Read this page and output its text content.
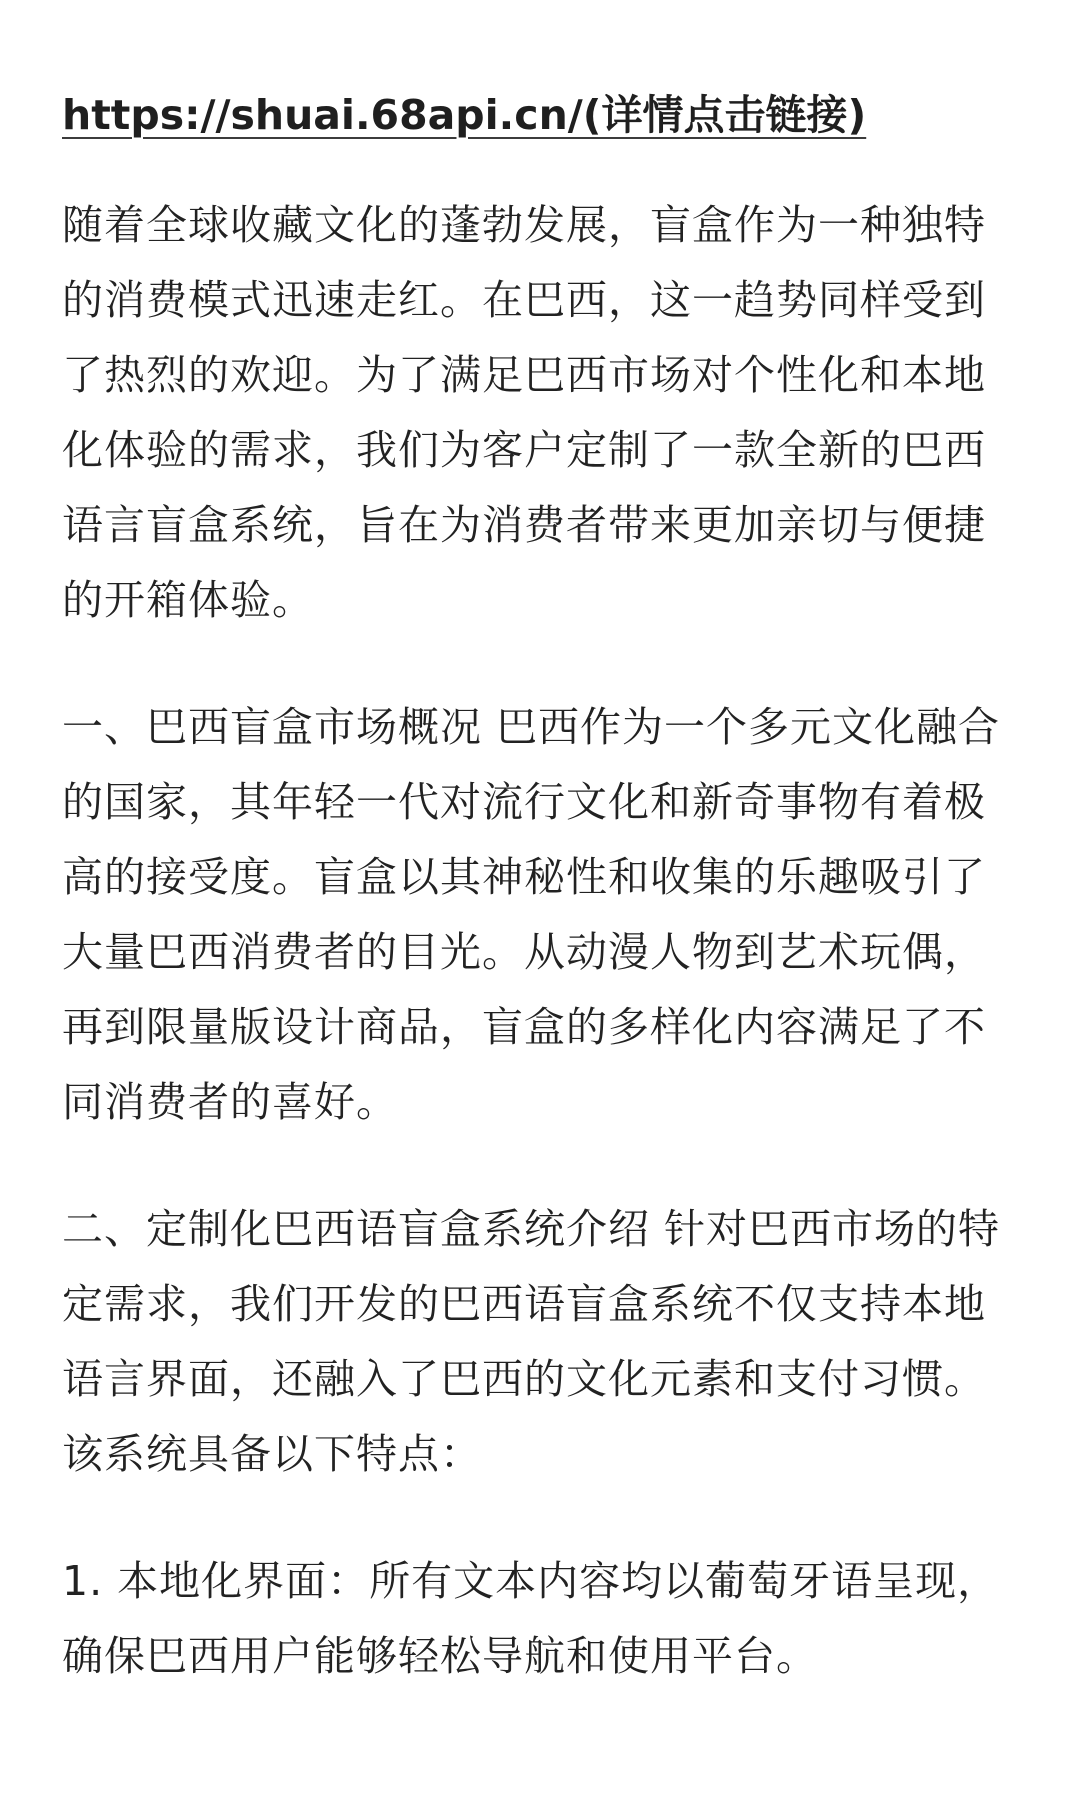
https://shuai.68api.cn/(详情点击链接)

随着全球收藏文化的蓬勃发展，盲盒作为一种独特的消费模式迅速走红。在巴西，这一趋势同样受到了热烈的欢迎。为了满足巴西市场对个性化和本地化体验的需求，我们为客户定制了一款全新的巴西语言盲盒系统，旨在为消费者带来更加亲切与便捷的开箱体验。

一、巴西盲盒市场概况 巴西作为一个多元文化融合的国家，其年轻一代对流行文化和新奇事物有着极高的接受度。盲盒以其神秘性和收集的乐趣吸引了大量巴西消费者的目光。从动漫人物到艺术玩偶，再到限量版设计商品，盲盒的多样化内容满足了不同消费者的喜好。

二、定制化巴西语盲盒系统介绍 针对巴西市场的特定需求，我们开发的巴西语盲盒系统不仅支持本地语言界面，还融入了巴西的文化元素和支付习惯。该系统具备以下特点：

1. 本地化界面：所有文本内容均以葡萄牙语呈现，确保巴西用户能够轻松导航和使用平台。
